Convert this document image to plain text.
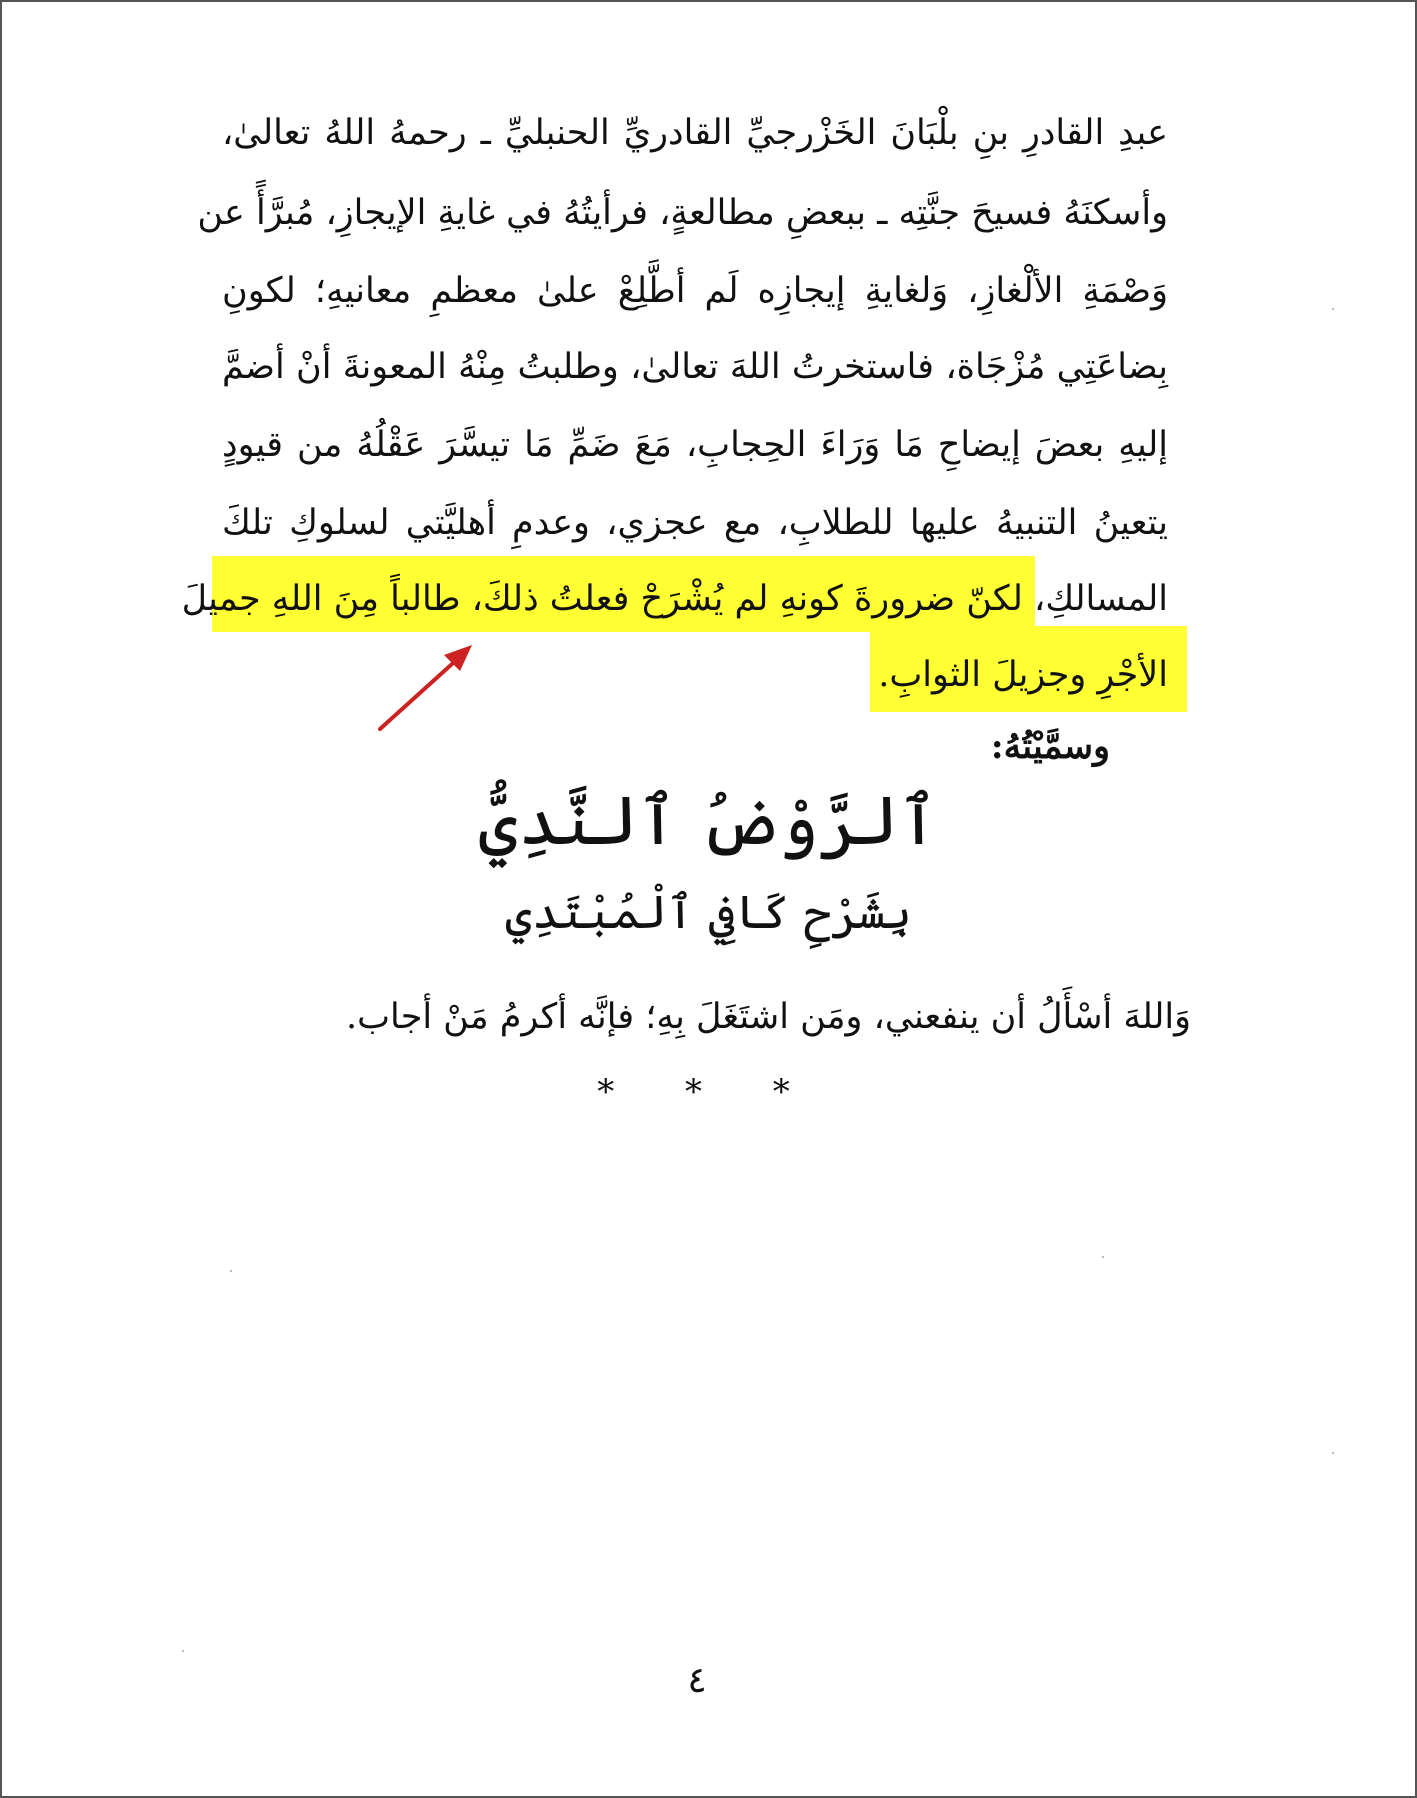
عبدِ القادرِ بنِ بلْبَانَ الخَزْرجيِّ القادريِّ الحنبليِّ ـ رحمهُ اللهُ تعالىٰ،
وأسكنَهُ فسيحَ جنَّتِه ـ ببعضِ مطالعةٍ، فرأيتُهُ في غايةِ الإيجازِ، مُبرَّأً عن
وَصْمَةِ الألْغازِ، وَلغايةِ إيجازِه لَم أطَّلِعْ علىٰ معظمِ معانيهِ؛ لكونِ
بِضاعَتِي مُزْجَاة، فاستخرتُ اللهَ تعالىٰ، وطلبتُ مِنْهُ المعونةَ أنْ أضمَّ
إليهِ بعضَ إيضاحِ مَا وَرَاءَ الحِجابِ، مَعَ ضَمِّ مَا تيسَّرَ عَقْلُهُ من قيودٍ
يتعينُ التنبيهُ عليها للطلابِ، مع عجزي، وعدمِ أهليَّتي لسلوكِ تلكَ
المسالكِ، لكنّ ضرورةَ كونهِ لم يُشْرَحْ فعلتُ ذلكَ، طالباً مِنَ اللهِ جميلَ
الأجْرِ وجزيلَ الثوابِ.
وسمَّيْتُهُ:
ٱلرَّوْضُ ٱلنَّدِيُّ
بِشَرْحِ كَافِي ٱلْمُبْتَدِي
وَاللهَ أسْأَلُ أن ينفعني، ومَن اشتَغَلَ بِهِ؛ فإنَّه أكرمُ مَنْ أجاب.
* * *
٤
